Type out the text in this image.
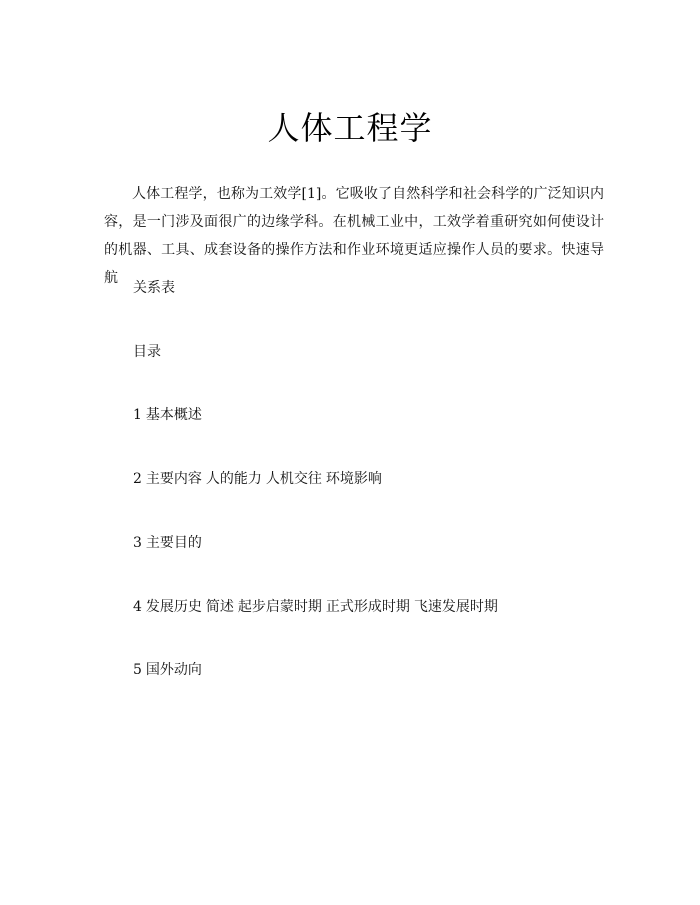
人体工程学

人体工程学，也称为工效学[1]。它吸收了自然科学和社会科学的广泛知识内容，是一门涉及面很广的边缘学科。在机械工业中，工效学着重研究如何使设计的机器、工具、成套设备的操作方法和作业环境更适应操作人员的要求。快速导航

关系表
目录
1 基本概述
2 主要内容 人的能力 人机交往 环境影响
3 主要目的
4 发展历史 简述 起步启蒙时期 正式形成时期 飞速发展时期
5 国外动向
